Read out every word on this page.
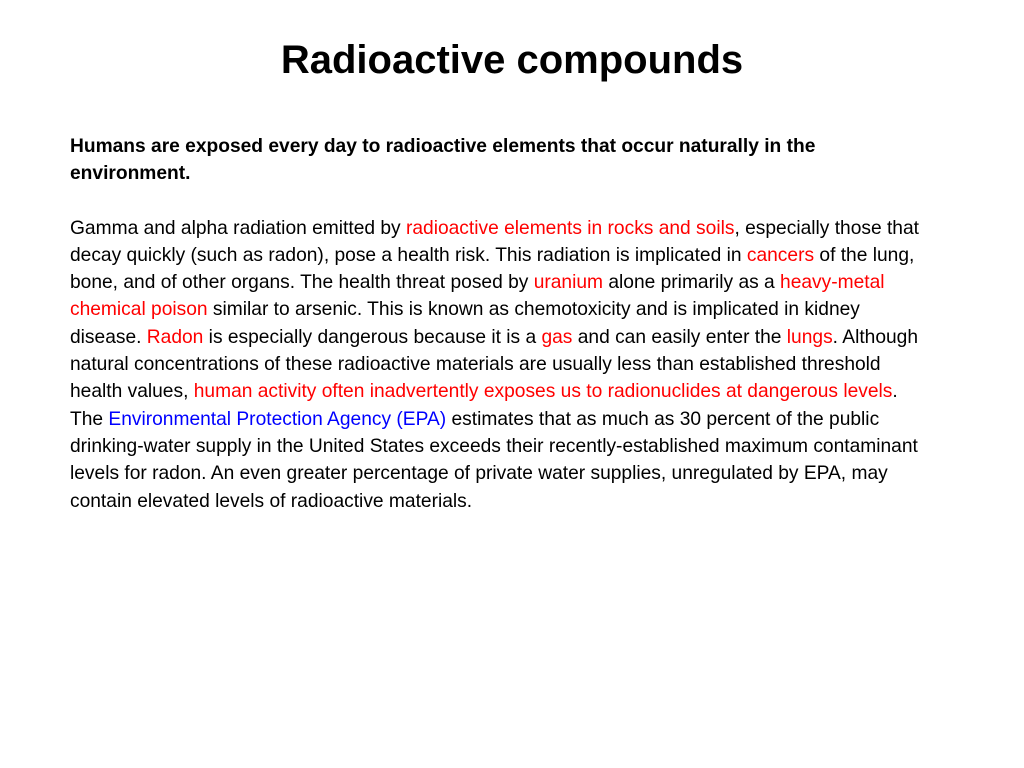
Radioactive compounds

Humans are exposed every day to radioactive elements that occur naturally in the environment.

Gamma and alpha radiation emitted by radioactive elements in rocks and soils, especially those that decay quickly (such as radon), pose a health risk. This radiation is implicated in cancers of the lung, bone, and of other organs. The health threat posed by uranium alone primarily as a heavy-metal chemical poison similar to arsenic. This is known as chemotoxicity and is implicated in kidney disease. Radon is especially dangerous because it is a gas and can easily enter the lungs. Although natural concentrations of these radioactive materials are usually less than established threshold health values, human activity often inadvertently exposes us to radionuclides at dangerous levels. The Environmental Protection Agency (EPA) estimates that as much as 30 percent of the public drinking-water supply in the United States exceeds their recently-established maximum contaminant levels for radon. An even greater percentage of private water supplies, unregulated by EPA, may contain elevated levels of radioactive materials.
